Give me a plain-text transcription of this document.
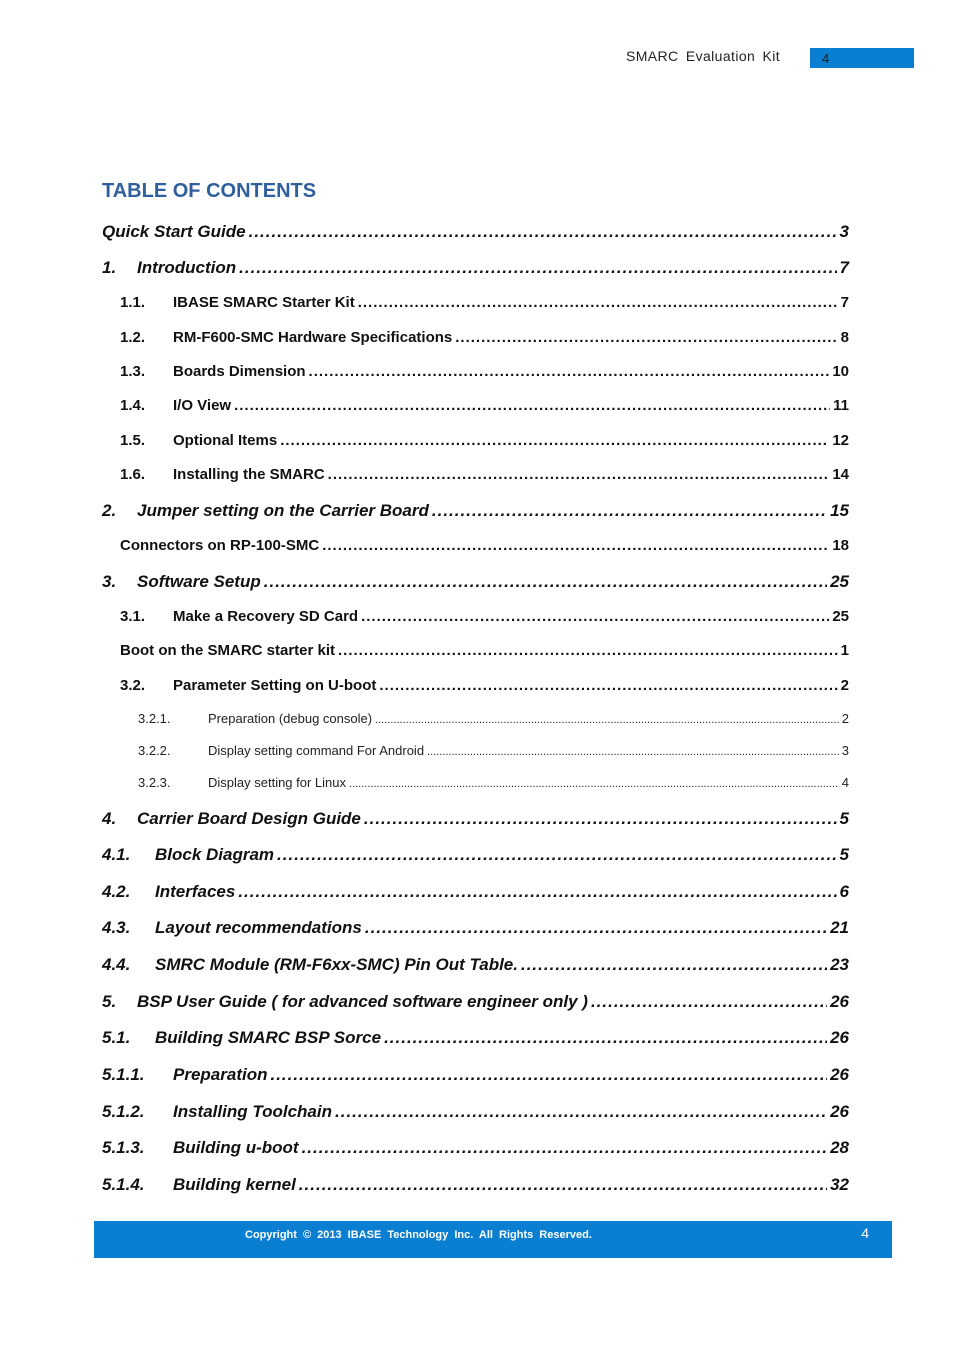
SMARC Evaluation Kit	4
TABLE OF CONTENTS
Quick Start Guide .....	3
1.	Introduction .....	7
1.1.	IBASE SMARC Starter Kit .....	7
1.2.	RM-F600-SMC Hardware Specifications .....	8
1.3.	Boards Dimension .....	10
1.4.	I/O View .....	11
1.5.	Optional Items .....	12
1.6.	Installing the SMARC .....	14
2.	Jumper setting on the Carrier Board .....	15
Connectors on RP-100-SMC .....	18
3.	Software Setup .....	25
3.1.	Make a Recovery SD Card .....	25
Boot on the SMARC starter kit .....	1
3.2.	Parameter Setting on U-boot .....	2
3.2.1.	Preparation (debug console) .....	2
3.2.2.	Display setting command For Android .....	3
3.2.3.	Display setting for Linux .....	4
4.	Carrier Board Design Guide .....	5
4.1.	Block Diagram .....	5
4.2.	Interfaces .....	6
4.3.	Layout recommendations .....	21
4.4.	SMRC Module (RM-F6xx-SMC) Pin Out Table. .....	23
5.	BSP User Guide ( for advanced software engineer only ) .....	26
5.1.	Building SMARC BSP Sorce .....	26
5.1.1.	Preparation .....	26
5.1.2.	Installing Toolchain .....	26
5.1.3.	Building u-boot .....	28
5.1.4.	Building kernel .....	32
Copyright © 2013 IBASE Technology Inc. All Rights Reserved.	4
